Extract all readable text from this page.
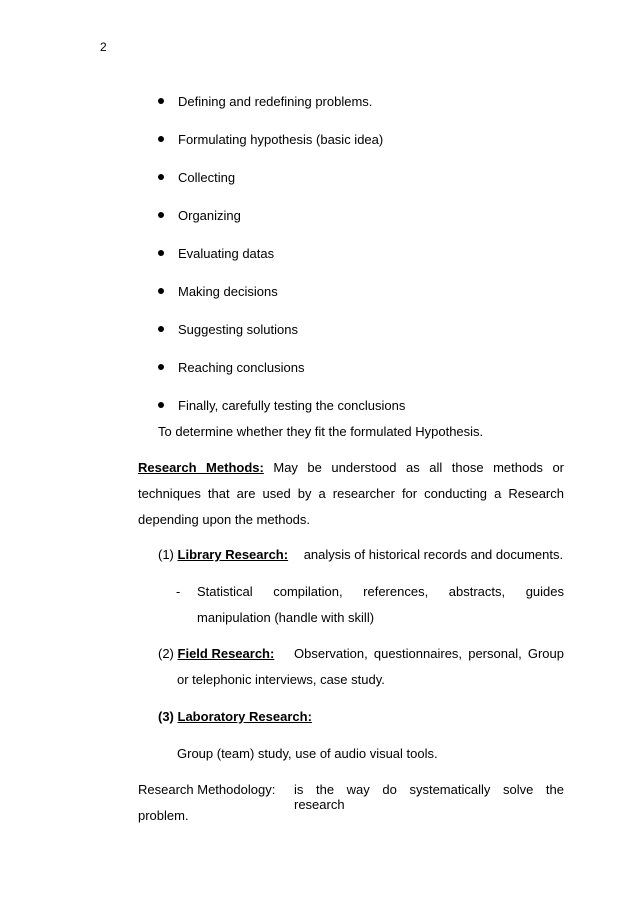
2
Defining and redefining problems.
Formulating hypothesis (basic idea)
Collecting
Organizing
Evaluating datas
Making decisions
Suggesting solutions
Reaching conclusions
Finally, carefully testing the conclusions
To determine whether they fit the formulated Hypothesis.
Research Methods: May be understood as all those methods or
techniques that are used by a researcher for conducting a Research
depending upon the methods.
(1) Library Research: analysis of historical records and documents.
- Statistical compilation, references, abstracts, guides
manipulation (handle with skill)
(2) Field Research: Observation, questionnaires, personal, Group
or telephonic interviews, case study.
(3) Laboratory Research:
Group (team) study, use of audio visual tools.
Research Methodology: is the way do systematically solve the research
problem.
